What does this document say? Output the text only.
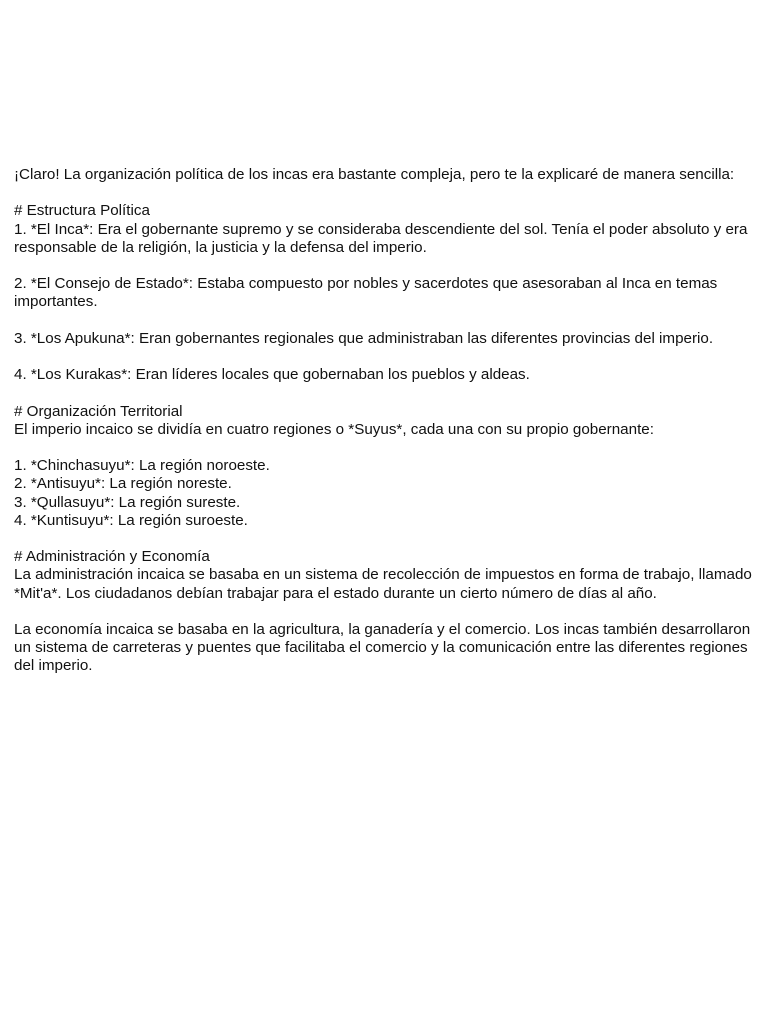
¡Claro! La organización política de los incas era bastante compleja, pero te la explicaré de manera sencilla:
# Estructura Política
1. *El Inca*: Era el gobernante supremo y se consideraba descendiente del sol. Tenía el poder absoluto y era responsable de la religión, la justicia y la defensa del imperio.
2. *El Consejo de Estado*: Estaba compuesto por nobles y sacerdotes que asesoraban al Inca en temas importantes.
3. *Los Apukuna*: Eran gobernantes regionales que administraban las diferentes provincias del imperio.
4. *Los Kurakas*: Eran líderes locales que gobernaban los pueblos y aldeas.
# Organización Territorial
El imperio incaico se dividía en cuatro regiones o *Suyus*, cada una con su propio gobernante:
1. *Chinchasuyu*: La región noroeste.
2. *Antisuyu*: La región noreste.
3. *Qullasuyu*: La región sureste.
4. *Kuntisuyu*: La región suroeste.
# Administración y Economía
La administración incaica se basaba en un sistema de recolección de impuestos en forma de trabajo, llamado *Mit'a*. Los ciudadanos debían trabajar para el estado durante un cierto número de días al año.
La economía incaica se basaba en la agricultura, la ganadería y el comercio. Los incas también desarrollaron un sistema de carreteras y puentes que facilitaba el comercio y la comunicación entre las diferentes regiones del imperio.
